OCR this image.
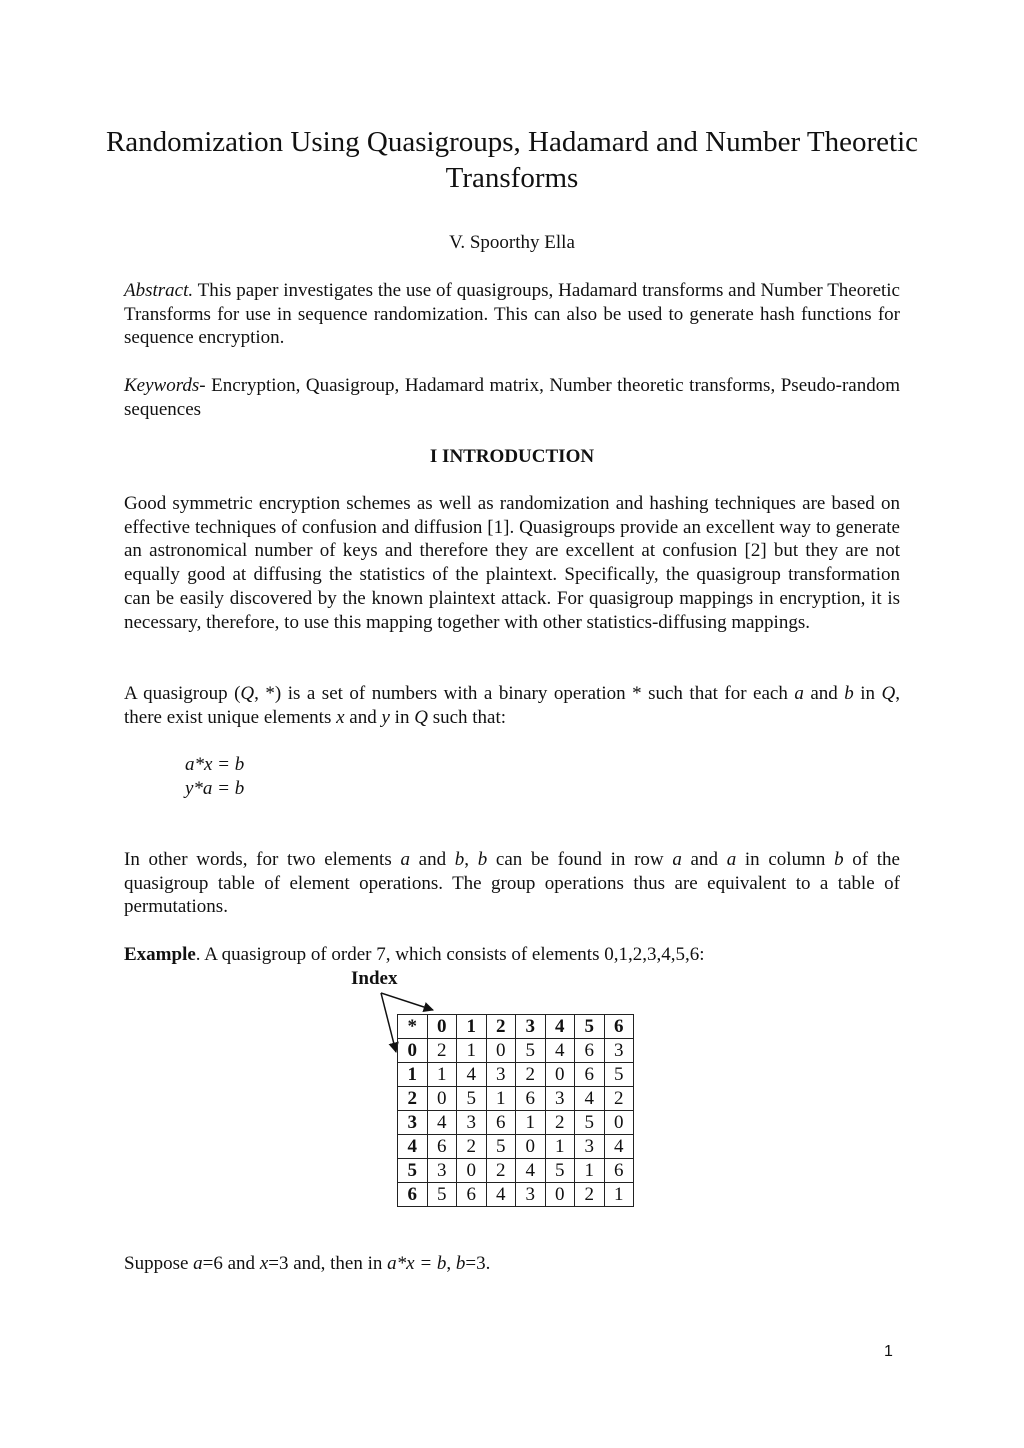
Randomization Using Quasigroups, Hadamard and Number Theoretic Transforms
V. Spoorthy Ella

Abstract. This paper investigates the use of quasigroups, Hadamard transforms and Number Theoretic Transforms for use in sequence randomization. This can also be used to generate hash functions for sequence encryption.

Keywords- Encryption, Quasigroup, Hadamard matrix, Number theoretic transforms, Pseudo-random sequences

I INTRODUCTION

Good symmetric encryption schemes as well as randomization and hashing techniques are based on effective techniques of confusion and diffusion [1]. Quasigroups provide an excellent way to generate an astronomical number of keys and therefore they are excellent at confusion [2] but they are not equally good at diffusing the statistics of the plaintext. Specifically, the quasigroup transformation can be easily discovered by the known plaintext attack. For quasigroup mappings in encryption, it is necessary, therefore, to use this mapping together with other statistics-diffusing mappings.

A quasigroup (Q, *) is a set of numbers with a binary operation * such that for each a and b in Q, there exist unique elements x and y in Q such that:

a*x = b
y*a = b

In other words, for two elements a and b, b can be found in row a and a in column b of the quasigroup table of element operations. The group operations thus are equivalent to a table of permutations.

Example. A quasigroup of order 7, which consists of elements 0,1,2,3,4,5,6:

Index
*	0	1	2	3	4	5	6
0	2	1	0	5	4	6	3
1	1	4	3	2	0	6	5
2	0	5	1	6	3	4	2
3	4	3	6	1	2	5	0
4	6	2	5	0	1	3	4
5	3	0	2	4	5	1	6
6	5	6	4	3	0	2	1

Suppose a=6 and x=3 and, then in a*x = b, b=3.

1
